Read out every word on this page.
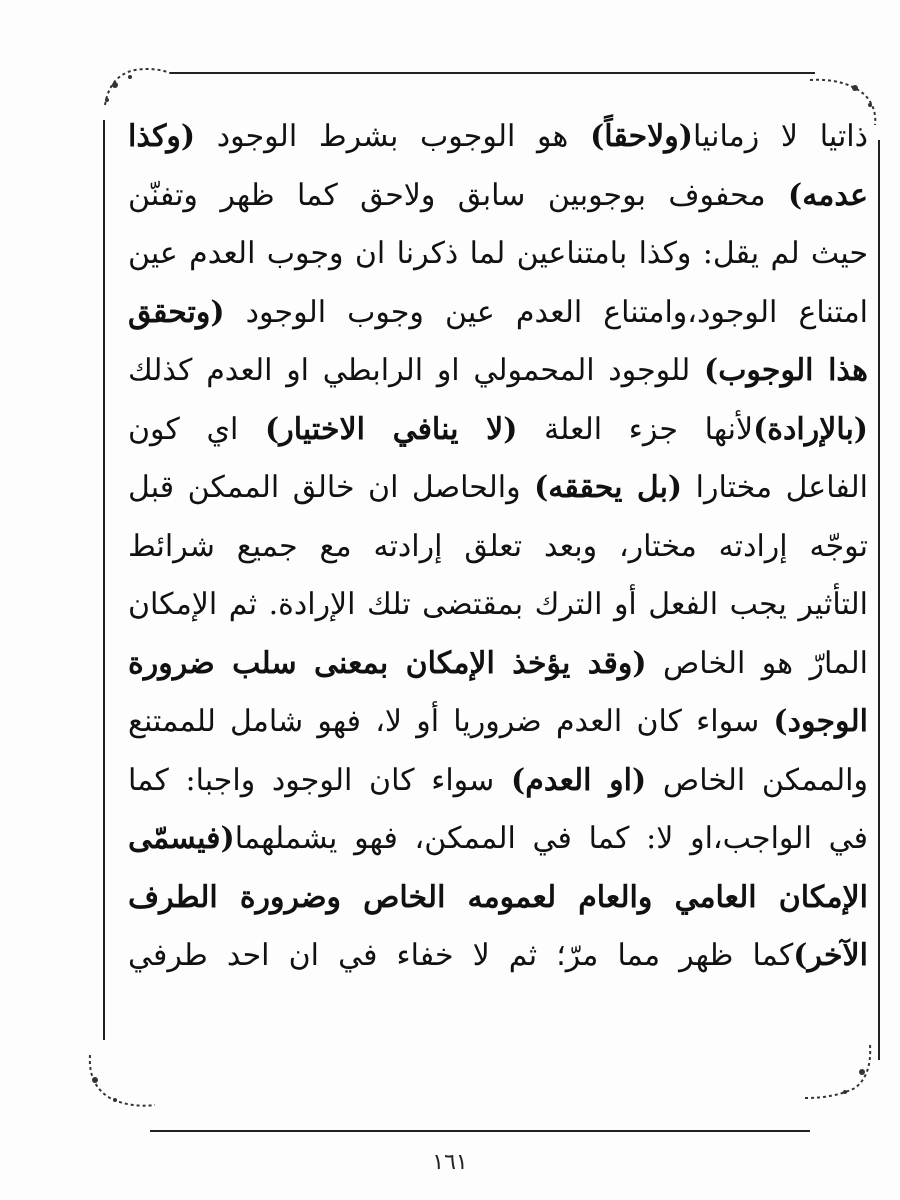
ذاتيا لا زمانيا(ولاحقاً) هو الوجوب بشرط الوجود (وكذا
عدمه) محفوف بوجوبين سابق ولاحق كما ظهر وتفنّن
حيث لم يقل: وكذا بامتناعين لما ذكرنا ان وجوب العدم عين
امتناع الوجود،وامتناع العدم عين وجوب الوجود (وتحقق
هذا الوجوب) للوجود المحمولي او الرابطي او العدم كذلك
(بالإرادة)لأنها جزء العلة (لا ينافي الاختيار) اي كون
الفاعل مختارا (بل يحققه) والحاصل ان خالق الممكن قبل
توجّه إرادته مختار، وبعد تعلق إرادته مع جميع شرائط
التأثير يجب الفعل أو الترك بمقتضى تلك الإرادة. ثم الإمكان
المارّ هو الخاص (وقد يؤخذ الإمكان بمعنى سلب ضرورة
الوجود) سواء كان العدم ضروريا أو لا، فهو شامل للممتنع
والممكن الخاص (او العدم) سواء كان الوجود واجبا: كما
في الواجب،او لا: كما في الممكن، فهو يشملهما(فيسمّى
الإمكان العامي والعام لعمومه الخاص وضرورة الطرف
الآخر)كما ظهر مما مرّ؛ ثم لا خفاء في ان احد طرفي
١٦١
